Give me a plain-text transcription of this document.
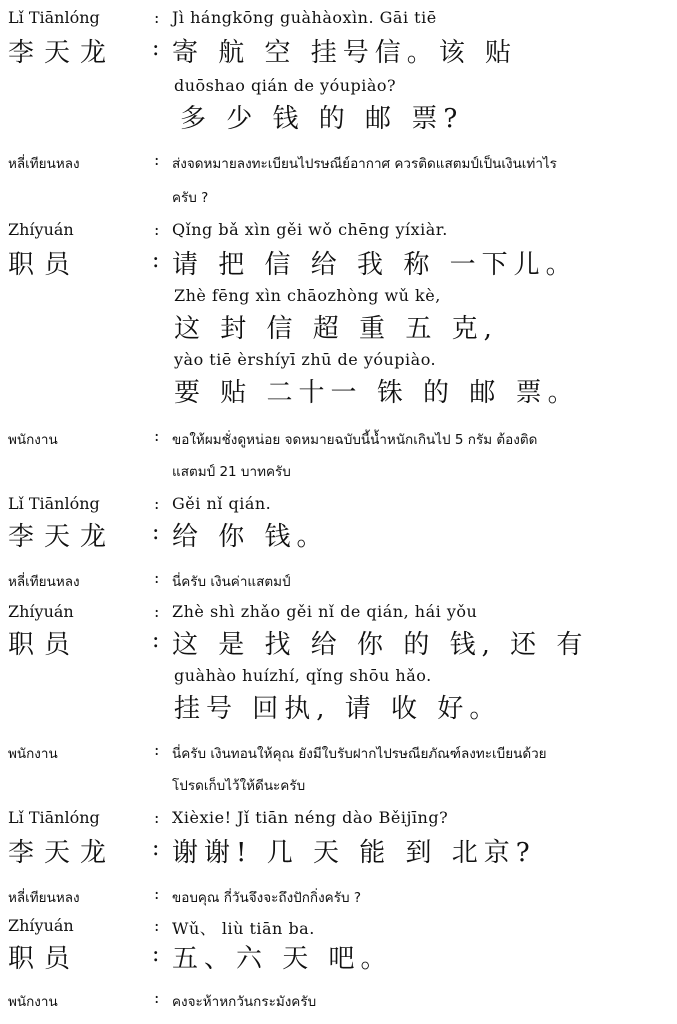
Lǐ Tiānlóng	: Jì hángkōng guàhàoxìn. Gāi tiē
李天龙 : 寄 航 空 挂号信。该 贴
duōshao qián de yóupiào?
多 少 钱 的 邮 票?
หลี่เทียนหลง	: ส่งจดหมายลงทะเบียนไปรษณีย์อากาศ ควรติดแสตมป์เป็นเงินเท่าไร
ครับ ?
Zhíyuán	: Qǐng bǎ xìn gěi wǒ chēng yíxiàr.
职员	: 请 把 信 给 我 称 一下儿。
Zhè fēng xìn chāozhòng wǔ kè,
这 封 信 超 重 五 克,
yào tiē èrshíyī zhū de yóupiào.
要 贴 二十一 铢 的 邮 票。
พนักงาน	: ขอให้ผมชั่งดูหน่อย จดหมายฉบับนี้น้ำหนักเกินไป 5 กรัม ต้องติด
แสตมป์ 21 บาทครับ
Lǐ Tiānlóng	: Gěi nǐ qián.
李天龙 : 给 你 钱。
หลี่เทียนหลง	: นี่ครับ เงินค่าแสตมป์
Zhíyuán	: Zhè shì zhǎo gěi nǐ de qián, hái yǒu
职员	: 这 是 找 给 你 的 钱, 还 有
guàhào huízhí, qǐng shōu hǎo.
挂号 回执, 请 收 好。
พนักงาน	: นี่ครับ เงินทอนให้คุณ ยังมีใบรับฝากไปรษณียภัณฑ์ลงทะเบียนด้วย
โปรดเก็บไว้ให้ดีนะครับ
Lǐ Tiānlóng	: Xièxie! Jǐ tiān néng dào Běijīng?
李天龙 : 谢谢! 几 天 能 到 北京?
หลี่เทียนหลง	: ขอบคุณ กี่วันจึงจะถึงปักกิ่งครับ ?
Zhíyuán	: Wǔ、 liù tiān ba.
职员	: 五、六 天 吧。
พนักงาน	: คงจะห้าหกวันกระมังครับ
